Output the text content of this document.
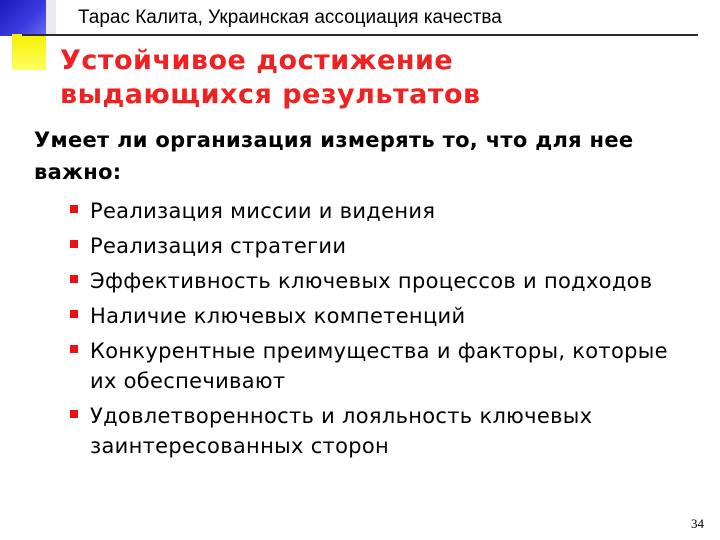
Тарас Калита, Украинская ассоциация качества
Устойчивое достижение выдающихся результатов

Умеет ли организация измерять то, что для нее важно:

Реализация миссии и видения
Реализация стратегии
Эффективность ключевых процессов и подходов
Наличие ключевых компетенций
Конкурентные преимущества и факторы, которые их обеспечивают
Удовлетворенность и лояльность ключевых заинтересованных сторон
34
